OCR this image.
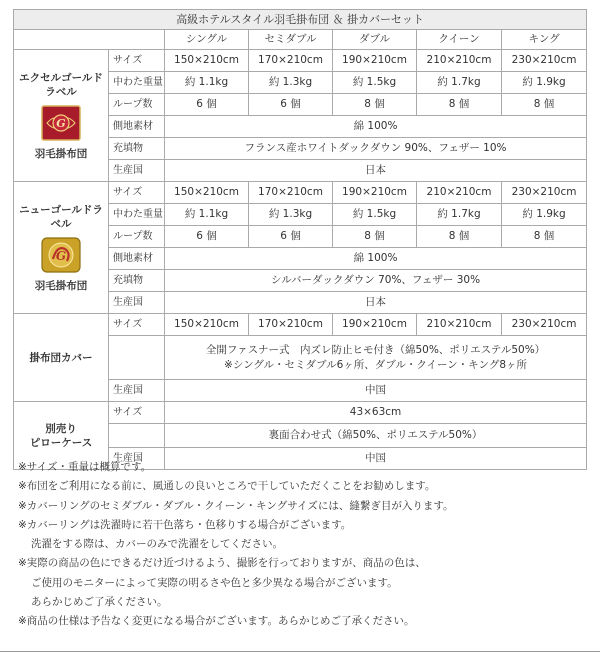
高級ホテルスタイル羽毛掛布団 ＆ 掛カバーセット						
		シングル	セミダブル	ダブル	クイーン	キング

エクセルゴールドラベル
G
羽毛掛布団	サイズ	150×210cm	170×210cm	190×210cm	210×210cm	230×210cm
	中わた重量	約 1.1kg	約 1.3kg	約 1.5kg	約 1.7kg	約 1.9kg
	ループ数	6 個	6 個	8 個	8 個	8 個
	側地素材	綿 100%				
	充填物	フランス産ホワイトダックダウン 90%、フェザー 10%				
	生産国	日本				

ニューゴールドラベル
G
羽毛掛布団	サイズ	150×210cm	170×210cm	190×210cm	210×210cm	230×210cm
	中わた重量	約 1.1kg	約 1.3kg	約 1.5kg	約 1.7kg	約 1.9kg
	ループ数	6 個	6 個	8 個	8 個	8 個
	側地素材	綿 100%				
	充填物	シルバーダックダウン 70%、フェザー 30%				
	生産国	日本				

掛布団カバー	サイズ	150×210cm	170×210cm	190×210cm	210×210cm	230×210cm

		全開ファスナー式　内ズレ防止ヒモ付き（綿50%、ポリエステル50%）
※シングル・セミダブル6ヶ所、ダブル・クイーン・キング8ヶ所				

	生産国	中国				

別売り
ピローケース	サイズ	43×63cm				
		裏面合わせ式（綿50%、ポリエステル50%）				
	生産国	中国				

※サイズ・重量は概算です。

※布団をご利用になる前に、風通しの良いところで干していただくことをお勧めします。

※カバーリングのセミダブル・ダブル・クイーン・キングサイズには、縫繋ぎ目が入ります。

※カバーリングは洗濯時に若干色落ち・色移りする場合がございます。

洗濯をする際は、カバーのみで洗濯をしてください。

※実際の商品の色にできるだけ近づけるよう、撮影を行っておりますが、商品の色は、

ご使用のモニターによって実際の明るさや色と多少異なる場合がございます。

あらかじめご了承ください。

※商品の仕様は予告なく変更になる場合がございます。あらかじめご了承ください。
